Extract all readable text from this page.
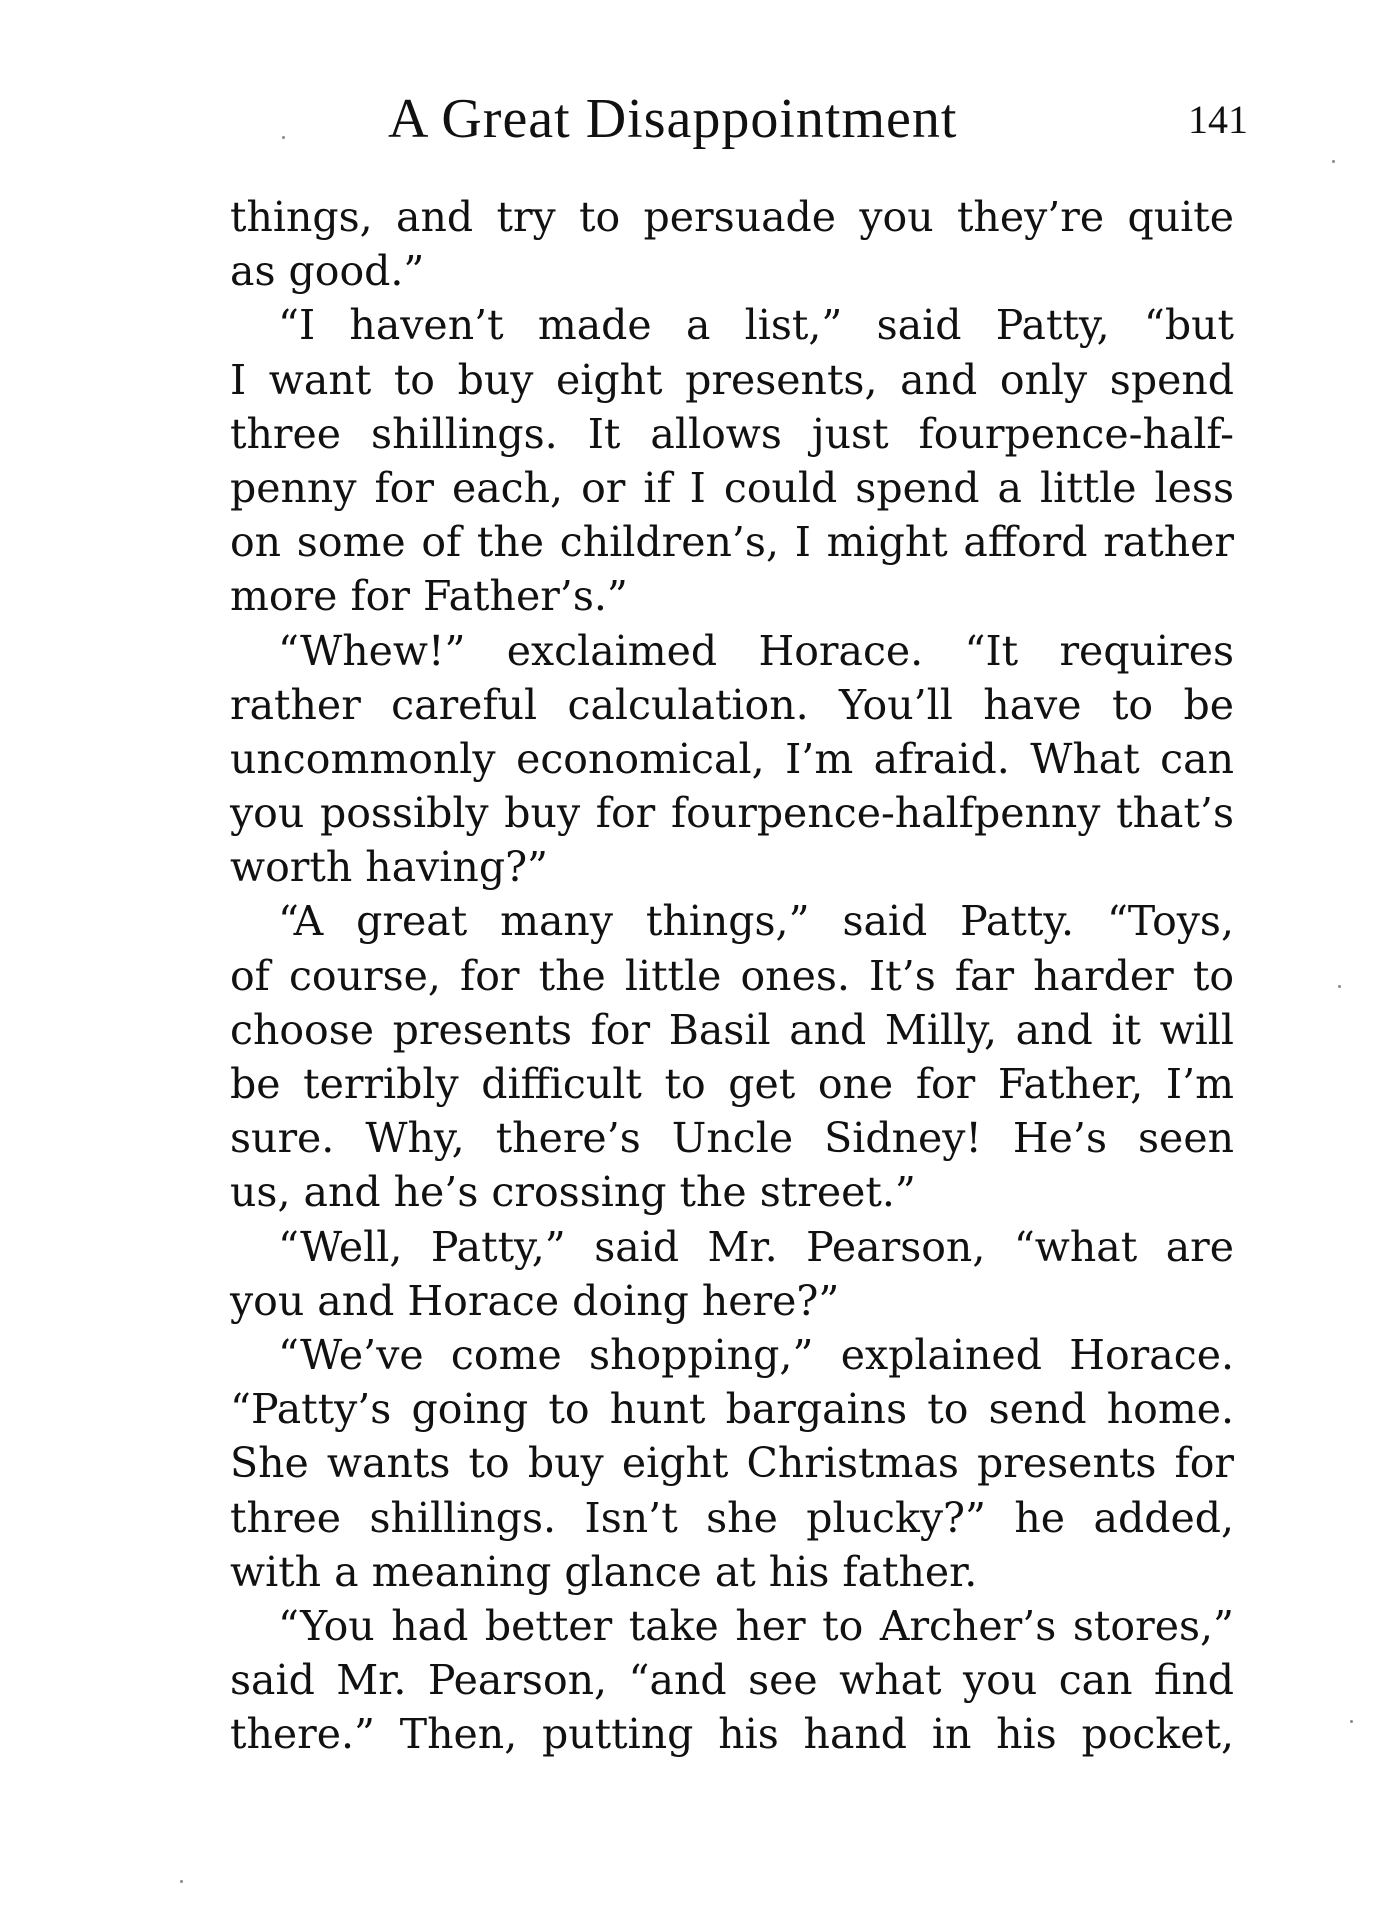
A Great Disappointment	141
things, and try to persuade you they’re quite
as good.”
“I haven’t made a list,” said Patty, “but
I want to buy eight presents, and only spend
three shillings. It allows just fourpence-half-
penny for each, or if I could spend a little less
on some of the children’s, I might afford rather
more for Father’s.”
“Whew!” exclaimed Horace. “It requires
rather careful calculation. You’ll have to be
uncommonly economical, I’m afraid. What can
you possibly buy for fourpence-halfpenny that’s
worth having?”
“A great many things,” said Patty. “Toys,
of course, for the little ones. It’s far harder to
choose presents for Basil and Milly, and it will
be terribly difficult to get one for Father, I’m
sure. Why, there’s Uncle Sidney! He’s seen
us, and he’s crossing the street.”
“Well, Patty,” said Mr. Pearson, “what are
you and Horace doing here?”
“We’ve come shopping,” explained Horace.
“Patty’s going to hunt bargains to send home.
She wants to buy eight Christmas presents for
three shillings. Isn’t she plucky?” he added,
with a meaning glance at his father.
“You had better take her to Archer’s stores,”
said Mr. Pearson, “and see what you can find
there.” Then, putting his hand in his pocket,
